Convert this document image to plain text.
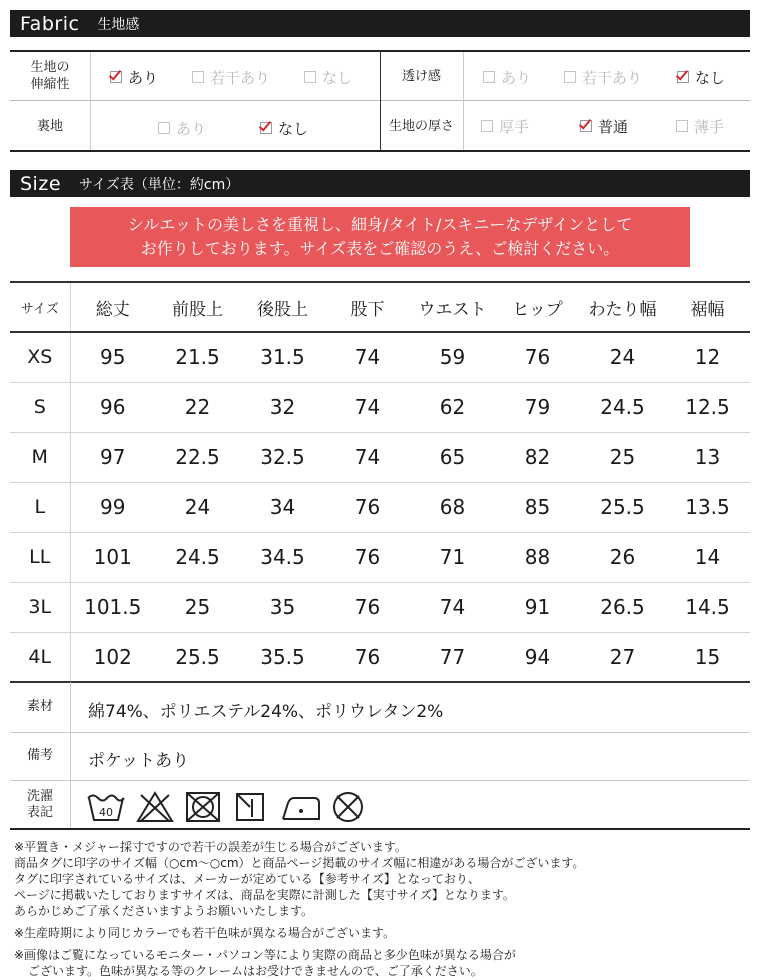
Fabric 生地感
生地の
伸縮性	あり	若干あり	なし	透け感	あり	若干あり	なし
裏地	あり	なし	生地の厚さ	厚手	普通	薄手
Size サイズ表（単位：約cm）
シルエットの美しさを重視し、細身/タイト/スキニーなデザインとして
お作りしております。サイズ表をご確認のうえ、ご検討ください。
サイズ	総丈	前股上	後股上	股下	ウエスト	ヒップ	わたり幅	裾幅
XS	95	21.5	31.5	74	59	76	24	12
S	96	22	32	74	62	79	24.5	12.5
M	97	22.5	32.5	74	65	82	25	13
L	99	24	34	76	68	85	25.5	13.5
LL	101	24.5	34.5	76	71	88	26	14
3L	101.5	25	35	76	74	91	26.5	14.5
4L	102	25.5	35.5	76	77	94	27	15
素材	綿74%、ポリエステル24%、ポリウレタン2%
備考	ポケットあり
洗濯
表記	40
※平置き・メジャー採寸ですので若干の誤差が生じる場合がございます。
商品タグに印字のサイズ幅（○cm〜○cm）と商品ページ掲載のサイズ幅に相違がある場合がございます。
タグに印字されているサイズは、メーカーが定めている【参考サイズ】となっており、
ページに掲載いたしておりますサイズは、商品を実際に計測した【実寸サイズ】となります。
あらかじめご了承くださいますようお願いいたします。
※生産時期により同じカラーでも若干色味が異なる場合がございます。
※画像はご覧になっているモニター・パソコン等により実際の商品と多少色味が異なる場合が
ございます。色味が異なる等のクレームはお受けできませんので、ご了承ください。
